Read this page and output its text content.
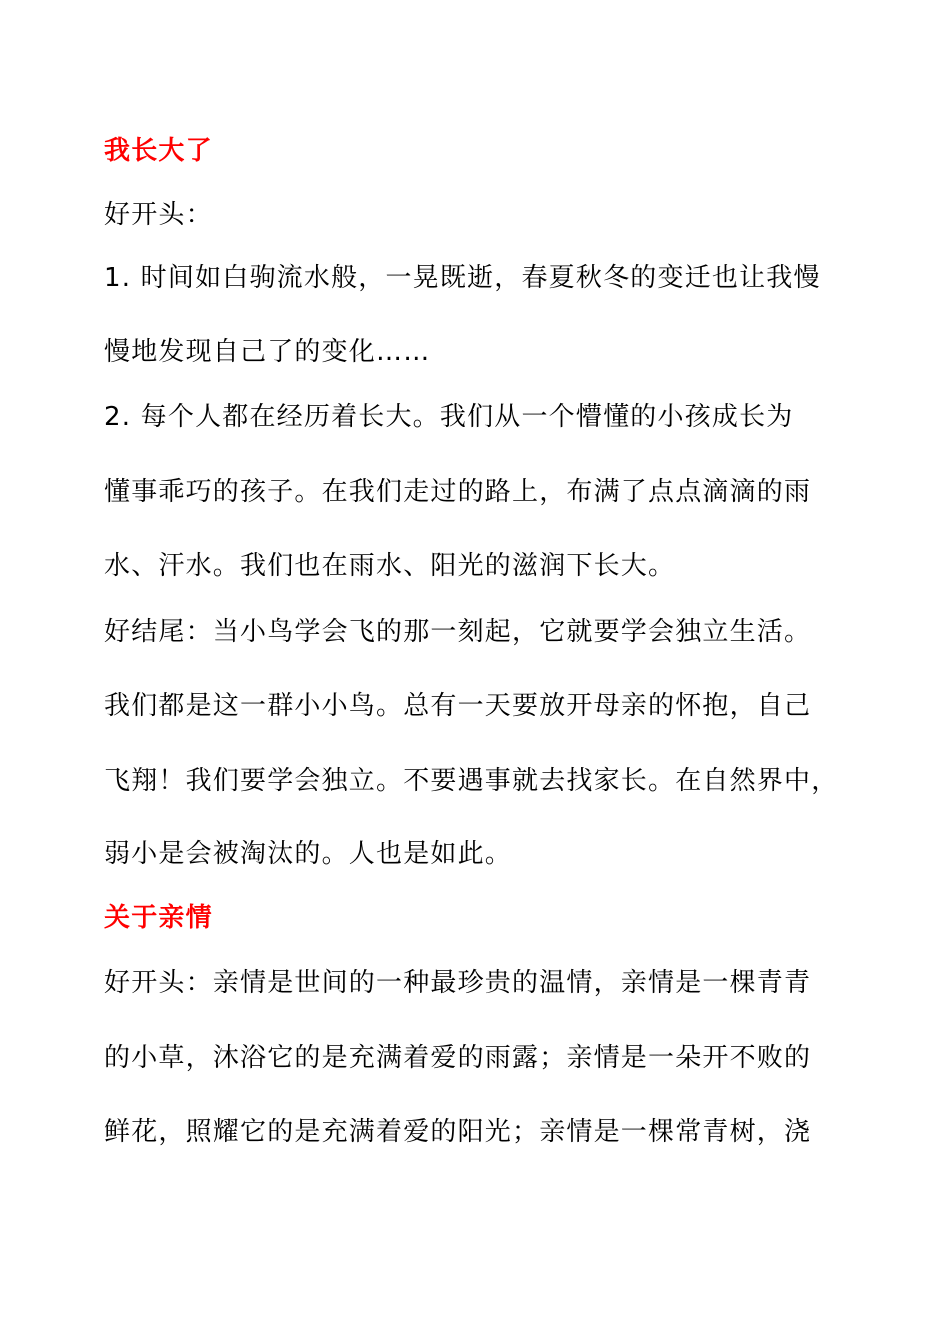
我长大了
好开头：
1. 时间如白驹流水般，一晃既逝，春夏秋冬的变迁也让我慢
慢地发现自己了的变化……
2. 每个人都在经历着长大。我们从一个懵懂的小孩成长为
懂事乖巧的孩子。在我们走过的路上，布满了点点滴滴的雨
水、汗水。我们也在雨水、阳光的滋润下长大。
好结尾：当小鸟学会飞的那一刻起，它就要学会独立生活。
我们都是这一群小小鸟。总有一天要放开母亲的怀抱，自己
飞翔！我们要学会独立。不要遇事就去找家长。在自然界中，
弱小是会被淘汰的。人也是如此。
关于亲情
好开头：亲情是世间的一种最珍贵的温情，亲情是一棵青青
的小草，沐浴它的是充满着爱的雨露；亲情是一朵开不败的
鲜花，照耀它的是充满着爱的阳光；亲情是一棵常青树，浇
